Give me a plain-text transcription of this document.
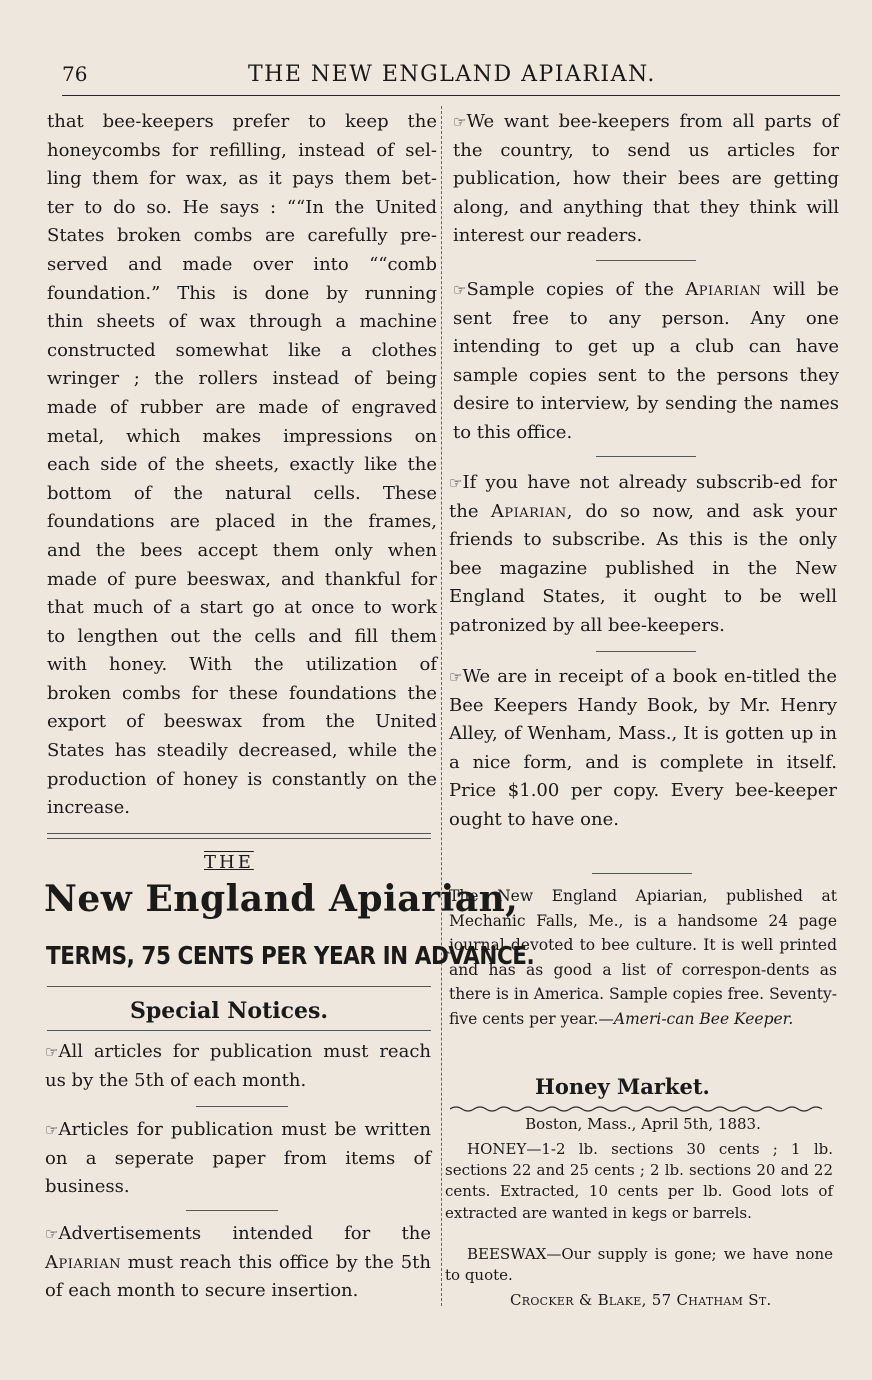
76	THE NEW ENGLAND APIARIAN.
that bee-keepers prefer to keep the
honeycombs for refilling, instead of sel-
ling them for wax, as it pays them bet-
ter to do so. He says : ““In the United
States broken combs are carefully pre-
served and made over into ““comb
foundation.” This is done by running
thin sheets of wax through a machine
constructed somewhat like a clothes
wringer ; the rollers instead of being
made of rubber are made of engraved
metal, which makes impressions on
each side of the sheets, exactly like the
bottom of the natural cells. These
foundations are placed in the frames,
and the bees accept them only when
made of pure beeswax, and thankful for
that much of a start go at once to work
to lengthen out the cells and fill them
with honey. With the utilization of
broken combs for these foundations the
export of beeswax from the United
States has steadily decreased, while the
production of honey is constantly on the
increase.
THE
New England Apiarian,
TERMS, 75 CENTS PER YEAR IN ADVANCE.
Special Notices.

☞All articles for publication must reach us by the 5th of each month.

☞Articles for publication must be written on a seperate paper from items of business.

☞Advertisements intended for the Apiarian must reach this office by the 5th of each month to secure insertion.

☞We want bee-keepers from all parts of the country, to send us articles for publication, how their bees are getting along, and anything that they think will interest our readers.

☞Sample copies of the Apiarian will be sent free to any person. Any one intending to get up a club can have sample copies sent to the persons they desire to interview, by sending the names to this office.

☞If you have not already subscrib-ed for the Apiarian, do so now, and ask your friends to subscribe. As this is the only bee magazine published in the New England States, it ought to be well patronized by all bee-keepers.

☞We are in receipt of a book en-titled the Bee Keepers Handy Book, by Mr. Henry Alley, of Wenham, Mass., It is gotten up in a nice form, and is complete in itself. Price $1.00 per copy. Every bee-keeper ought to have one.

The New England Apiarian, published at Mechanic Falls, Me., is a handsome 24 page journal devoted to bee culture. It is well printed and has as good a list of correspon-dents as there is in America. Sample copies free. Seventy-five cents per year.—Ameri-can Bee Keeper.

Honey Market.
Boston, Mass., April 5th, 1883.

HONEY—1-2 lb. sections 30 cents ; 1 lb. sections 22 and 25 cents ; 2 lb. sections 20 and 22 cents. Extracted, 10 cents per lb. Good lots of extracted are wanted in kegs or barrels.

BEESWAX—Our supply is gone; we have none to quote.

Crocker & Blake, 57 Chatham St.
